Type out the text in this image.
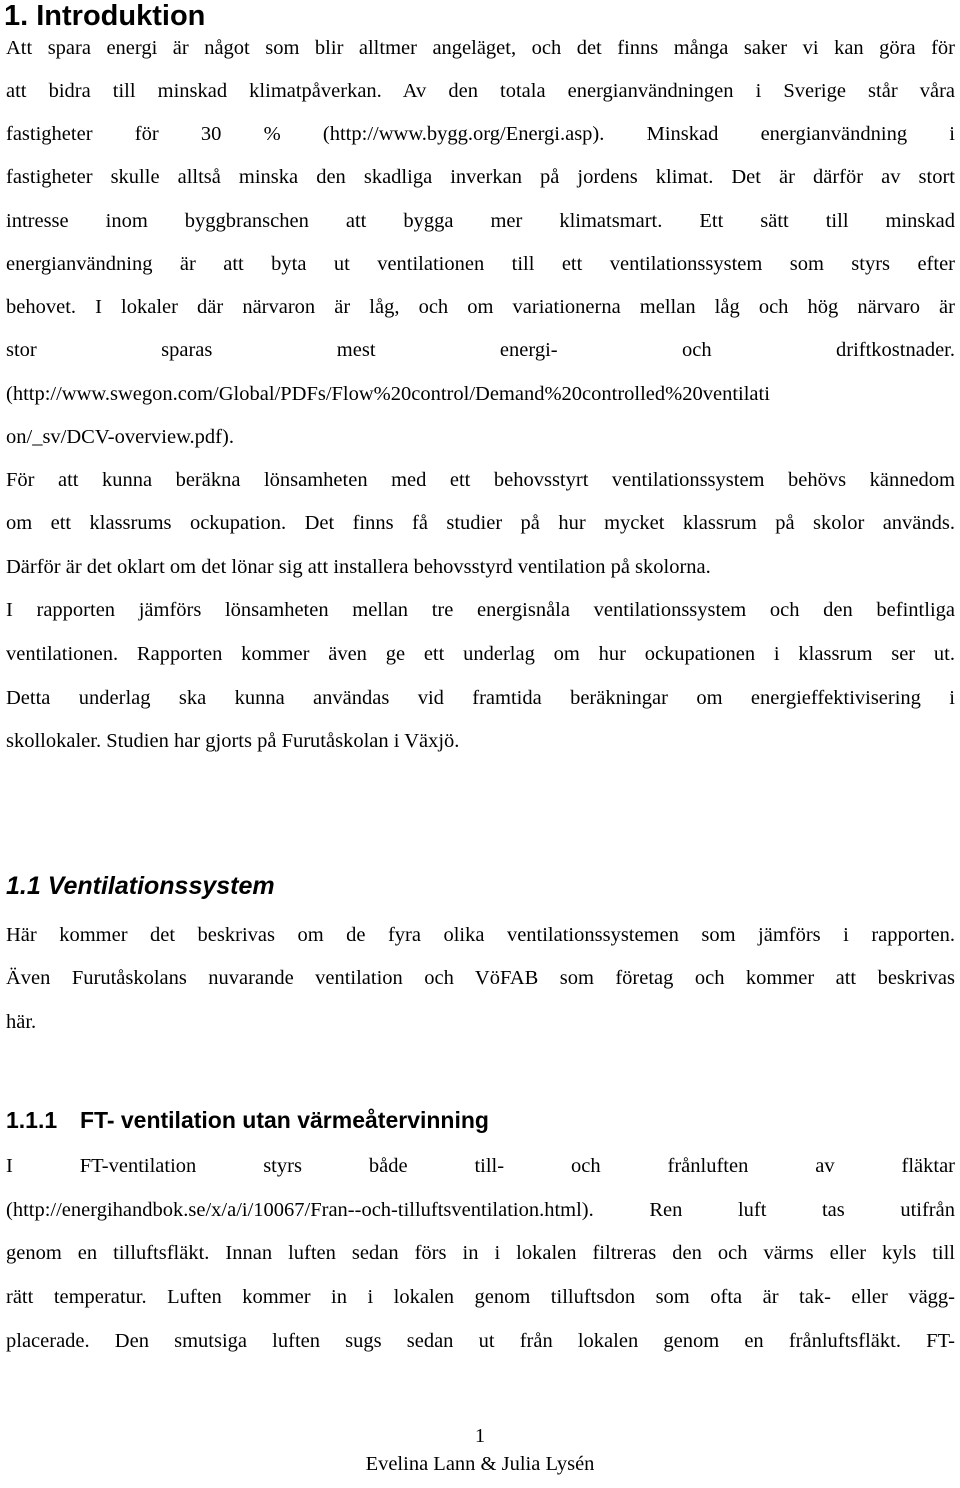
1. Introduktion
Att spara energi är något som blir alltmer angeläget, och det finns många saker vi kan göra för
att bidra till minskad klimatpåverkan. Av den totala energianvändningen i Sverige står våra
fastigheter för 30 % (http://www.bygg.org/Energi.asp). Minskad energianvändning i
fastigheter skulle alltså minska den skadliga inverkan på jordens klimat. Det är därför av stort
intresse inom byggbranschen att bygga mer klimatsmart. Ett sätt till minskad
energianvändning är att byta ut ventilationen till ett ventilationssystem som styrs efter
behovet. I lokaler där närvaron är låg, och om variationerna mellan låg och hög närvaro är
stor sparas mest energi- och driftkostnader.
(http://www.swegon.com/Global/PDFs/Flow%20control/Demand%20controlled%20ventilati
on/_sv/DCV-overview.pdf).
För att kunna beräkna lönsamheten med ett behovsstyrt ventilationssystem behövs kännedom
om ett klassrums ockupation. Det finns få studier på hur mycket klassrum på skolor används.
Därför är det oklart om det lönar sig att installera behovsstyrd ventilation på skolorna.
I rapporten jämförs lönsamheten mellan tre energisnåla ventilationssystem och den befintliga
ventilationen. Rapporten kommer även ge ett underlag om hur ockupationen i klassrum ser ut.
Detta underlag ska kunna användas vid framtida beräkningar om energieffektivisering i
skollokaler. Studien har gjorts på Furutåskolan i Växjö.
1.1 Ventilationssystem
Här kommer det beskrivas om de fyra olika ventilationssystemen som jämförs i rapporten.
Även Furutåskolans nuvarande ventilation och VöFAB som företag och kommer att beskrivas
här.
1.1.1 FT- ventilation utan värmeåtervinning
I FT-ventilation styrs både till- och frånluften av fläktar
(http://energihandbok.se/x/a/i/10067/Fran--och-tilluftsventilation.html). Ren luft tas utifrån
genom en tilluftsfläkt. Innan luften sedan förs in i lokalen filtreras den och värms eller kyls till
rätt temperatur. Luften kommer in i lokalen genom tilluftsdon som ofta är tak- eller vägg-
placerade. Den smutsiga luften sugs sedan ut från lokalen genom en frånluftsfläkt. FT-
1
Evelina Lann & Julia Lysén
